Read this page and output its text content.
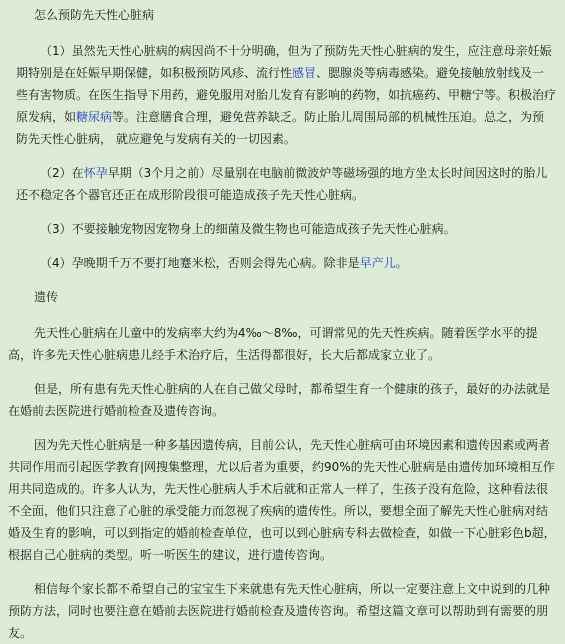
怎么预防先天性心脏病

（1）虽然先天性心脏病的病因尚不十分明确，但为了预防先天性心脏病的发生，应注意母亲妊娠期特别是在妊娠早期保健，如积极预防风疹、流行性感冒、腮腺炎等病毒感染。避免接触放射线及一些有害物质。在医生指导下用药，避免服用对胎儿发育有影响的药物，如抗癌药、甲糖宁等。积极治疗原发病，如糖尿病等。注意膳食合理，避免营养缺乏。防止胎儿周围局部的机械性压迫。总之，为预防先天性心脏病， 就应避免与发病有关的一切因素。

（2）在怀孕早期（3个月之前）尽量别在电脑前微波炉等磁场强的地方坐太长时间因这时的胎儿还不稳定各个器官还正在成形阶段很可能造成孩子先天性心脏病。

（3）不要接触宠物因宠物身上的细菌及微生物也可能造成孩子先天性心脏病。

（4）孕晚期千万不要打地蹇米松，否则会得先心病。除非是早产儿。

遗传

先天性心脏病在儿童中的发病率大约为4‰～8‰，可谓常见的先天性疾病。随着医学水平的提高，许多先天性心脏病患儿经手术治疗后，生活得都很好，长大后都成家立业了。

但是，所有患有先天性心脏病的人在自己做父母时，都希望生育一个健康的孩子，最好的办法就是在婚前去医院进行婚前检查及遗传咨询。

因为先天性心脏病是一种多基因遗传病，目前公认，先天性心脏病可由环境因素和遗传因素或两者共同作用而引起医学教育|网搜集整理，尤以后者为重要，约90%的先天性心脏病是由遗传加环境相互作用共同造成的。许多人认为，先天性心脏病人手术后就和正常人一样了，生孩子没有危险，这种看法很不全面，他们只注意了心脏的承受能力而忽视了疾病的遗传性。所以，要想全面了解先天性心脏病对结婚及生育的影响，可以到指定的婚前检查单位，也可以到心脏病专科去做检查，如做一下心脏彩色b超，根据自己心脏病的类型。听一听医生的建议，进行遗传咨询。

相信每个家长都不希望自己的宝宝生下来就患有先天性心脏病，所以一定要注意上文中说到的几种预防方法，同时也要注意在婚前去医院进行婚前检查及遗传咨询。希望这篇文章可以帮助到有需要的朋友。
